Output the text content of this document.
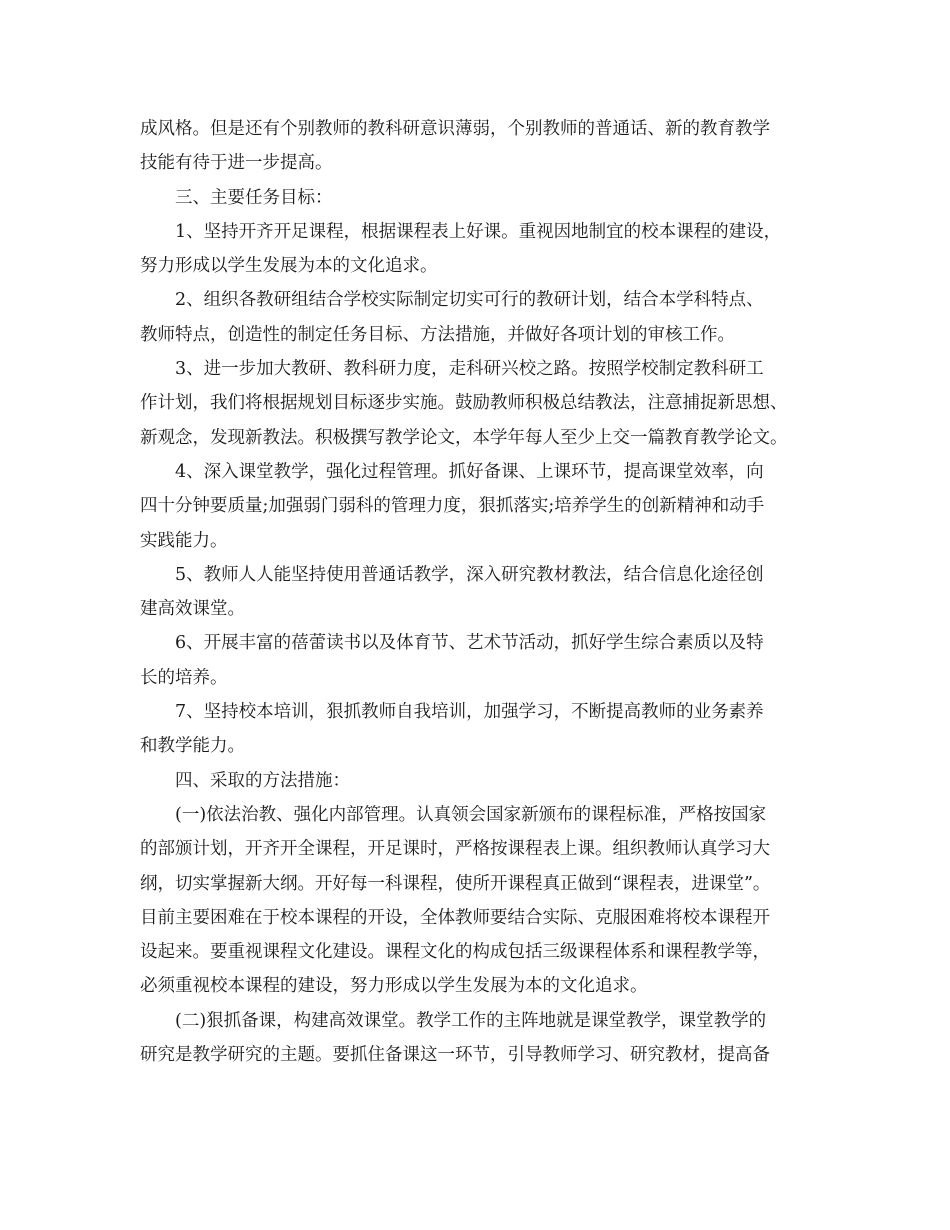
成风格。但是还有个别教师的教科研意识薄弱，个别教师的普通话、新的教育教学
技能有待于进一步提高。
三、主要任务目标：
1、坚持开齐开足课程，根据课程表上好课。重视因地制宜的校本课程的建设，
努力形成以学生发展为本的文化追求。
2、组织各教研组结合学校实际制定切实可行的教研计划，结合本学科特点、
教师特点，创造性的制定任务目标、方法措施，并做好各项计划的审核工作。
3、进一步加大教研、教科研力度，走科研兴校之路。按照学校制定教科研工
作计划，我们将根据规划目标逐步实施。鼓励教师积极总结教法，注意捕捉新思想、
新观念，发现新教法。积极撰写教学论文，本学年每人至少上交一篇教育教学论文。
4、深入课堂教学，强化过程管理。抓好备课、上课环节，提高课堂效率，向
四十分钟要质量;加强弱门弱科的管理力度，狠抓落实;培养学生的创新精神和动手
实践能力。
5、教师人人能坚持使用普通话教学，深入研究教材教法，结合信息化途径创
建高效课堂。
6、开展丰富的蓓蕾读书以及体育节、艺术节活动，抓好学生综合素质以及特
长的培养。
7、坚持校本培训，狠抓教师自我培训，加强学习，不断提高教师的业务素养
和教学能力。
四、采取的方法措施：
(一)依法治教、强化内部管理。认真领会国家新颁布的课程标准，严格按国家
的部颁计划，开齐开全课程，开足课时，严格按课程表上课。组织教师认真学习大
纲，切实掌握新大纲。开好每一科课程，使所开课程真正做到“课程表，进课堂”。
目前主要困难在于校本课程的开设，全体教师要结合实际、克服困难将校本课程开
设起来。要重视课程文化建设。课程文化的构成包括三级课程体系和课程教学等，
必须重视校本课程的建设，努力形成以学生发展为本的文化追求。
(二)狠抓备课，构建高效课堂。教学工作的主阵地就是课堂教学，课堂教学的
研究是教学研究的主题。要抓住备课这一环节，引导教师学习、研究教材，提高备
